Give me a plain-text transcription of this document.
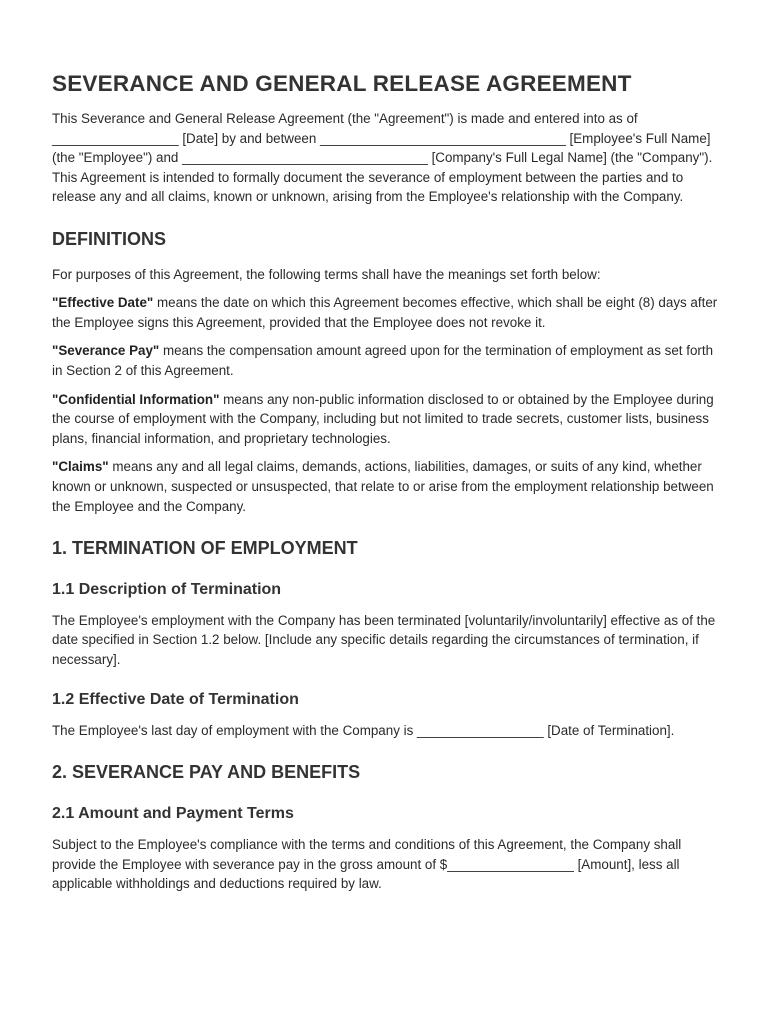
SEVERANCE AND GENERAL RELEASE AGREEMENT

This Severance and General Release Agreement (the "Agreement") is made and entered into as of _________________ [Date] by and between _________________________________ [Employee's Full Name] (the "Employee") and _________________________________ [Company's Full Legal Name] (the "Company"). This Agreement is intended to formally document the severance of employment between the parties and to release any and all claims, known or unknown, arising from the Employee's relationship with the Company.

DEFINITIONS

For purposes of this Agreement, the following terms shall have the meanings set forth below:

"Effective Date" means the date on which this Agreement becomes effective, which shall be eight (8) days after the Employee signs this Agreement, provided that the Employee does not revoke it.

"Severance Pay" means the compensation amount agreed upon for the termination of employment as set forth in Section 2 of this Agreement.

"Confidential Information" means any non-public information disclosed to or obtained by the Employee during the course of employment with the Company, including but not limited to trade secrets, customer lists, business plans, financial information, and proprietary technologies.

"Claims" means any and all legal claims, demands, actions, liabilities, damages, or suits of any kind, whether known or unknown, suspected or unsuspected, that relate to or arise from the employment relationship between the Employee and the Company.

1. TERMINATION OF EMPLOYMENT
1.1 Description of Termination

The Employee's employment with the Company has been terminated [voluntarily/involuntarily] effective as of the date specified in Section 1.2 below. [Include any specific details regarding the circumstances of termination, if necessary].

1.2 Effective Date of Termination

The Employee's last day of employment with the Company is _________________ [Date of Termination].

2. SEVERANCE PAY AND BENEFITS
2.1 Amount and Payment Terms

Subject to the Employee's compliance with the terms and conditions of this Agreement, the Company shall provide the Employee with severance pay in the gross amount of $_________________ [Amount], less all applicable withholdings and deductions required by law.
